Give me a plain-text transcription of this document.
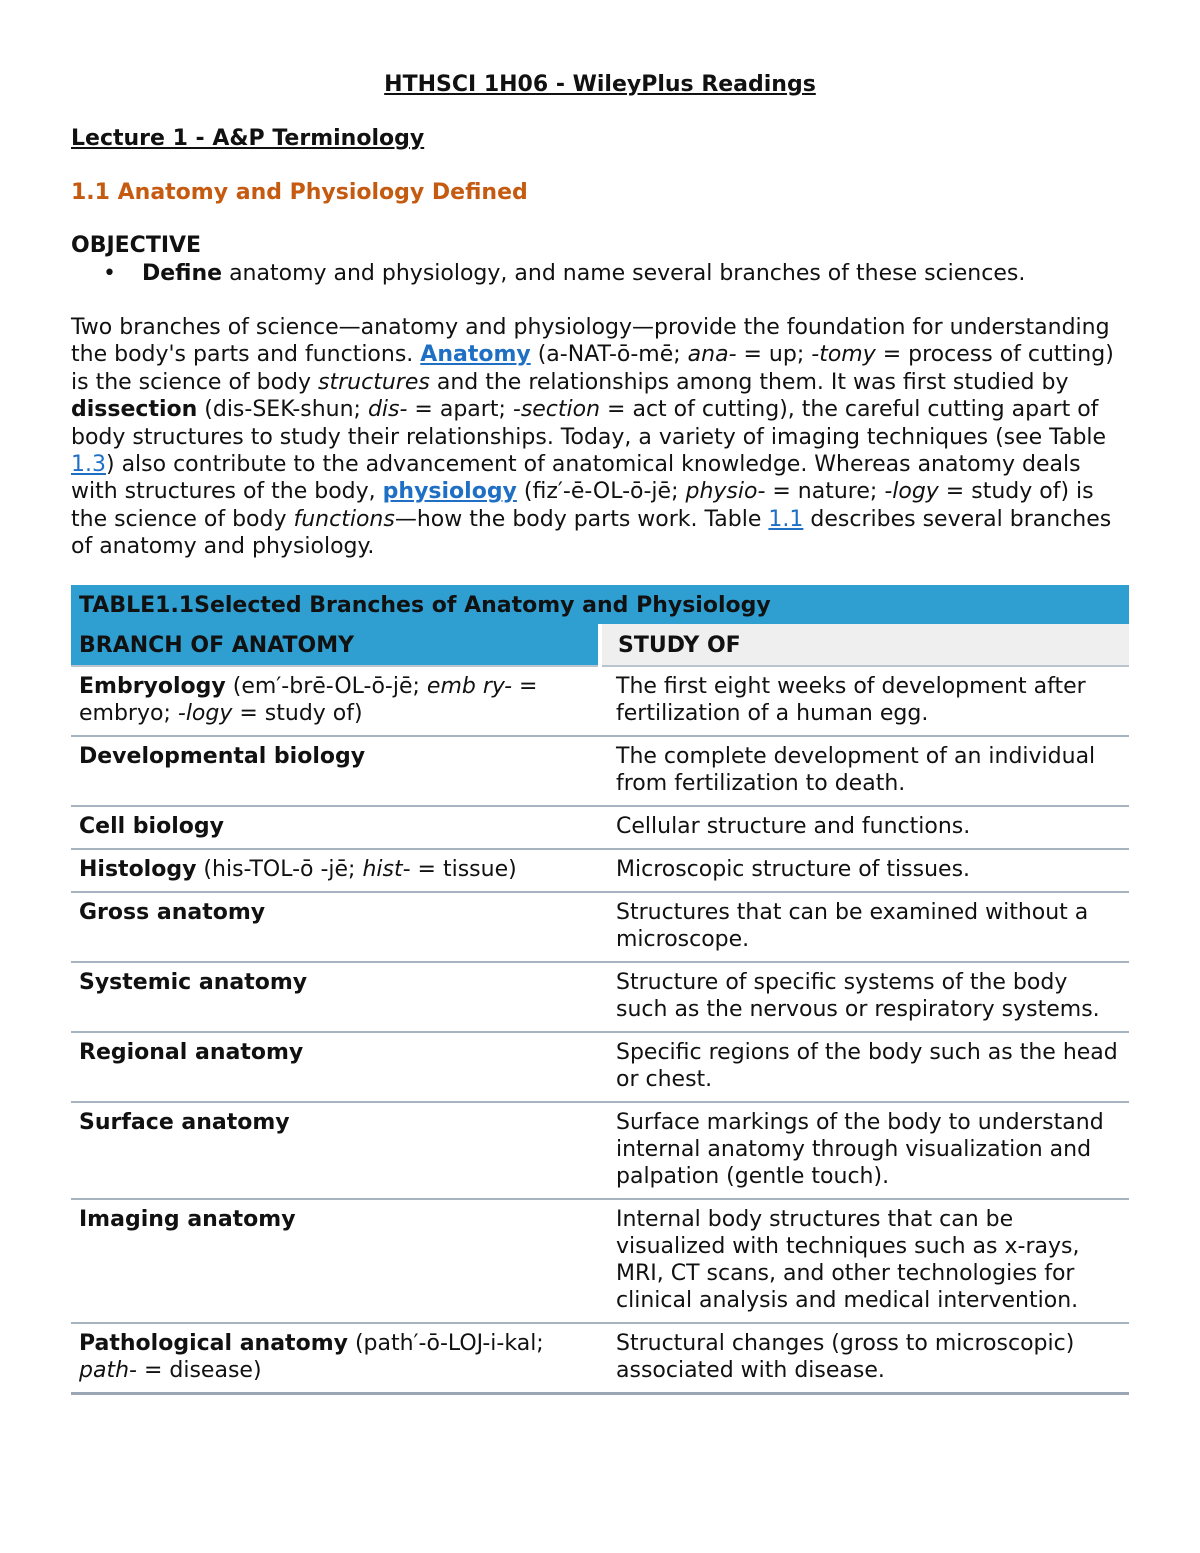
HTHSCI 1H06 - WileyPlus Readings
Lecture 1 - A&P Terminology
1.1 Anatomy and Physiology Defined
OBJECTIVE

• Define anatomy and physiology, and name several branches of these sciences.

Two branches of science—anatomy and physiology—provide the foundation for understanding the body's parts and functions. Anatomy (a-NAT-ō-mē; ana- = up; -tomy = process of cutting) is the science of body structures and the relationships among them. It was first studied by dissection (dis-SEK-shun; dis- = apart; -section = act of cutting), the careful cutting apart of body structures to study their relationships. Today, a variety of imaging techniques (see Table 1.3) also contribute to the advancement of anatomical knowledge. Whereas anatomy deals with structures of the body, physiology (fiz′-ē-OL-ō-jē; physio- = nature; -logy = study of) is the science of body functions—how the body parts work. Table 1.1 describes several branches of anatomy and physiology.

TABLE1.1Selected Branches of Anatomy and Physiology	
BRANCH OF ANATOMY	STUDY OF
Embryology (em′-brē-OL-ō-jē; emb ry- = embryo; -logy = study of)	The first eight weeks of development after fertilization of a human egg.
Developmental biology	The complete development of an individual from fertilization to death.
Cell biology	Cellular structure and functions.
Histology (his-TOL-ō -jē; hist- = tissue)	Microscopic structure of tissues.
Gross anatomy	Structures that can be examined without a microscope.
Systemic anatomy	Structure of specific systems of the body such as the nervous or respiratory systems.
Regional anatomy	Specific regions of the body such as the head or chest.
Surface anatomy	Surface markings of the body to understand internal anatomy through visualization and palpation (gentle touch).
Imaging anatomy	Internal body structures that can be visualized with techniques such as x-rays, MRI, CT scans, and other technologies for clinical analysis and medical intervention.
Pathological anatomy (path′-ō-LOJ-i-kal; path- = disease)	Structural changes (gross to microscopic) associated with disease.
